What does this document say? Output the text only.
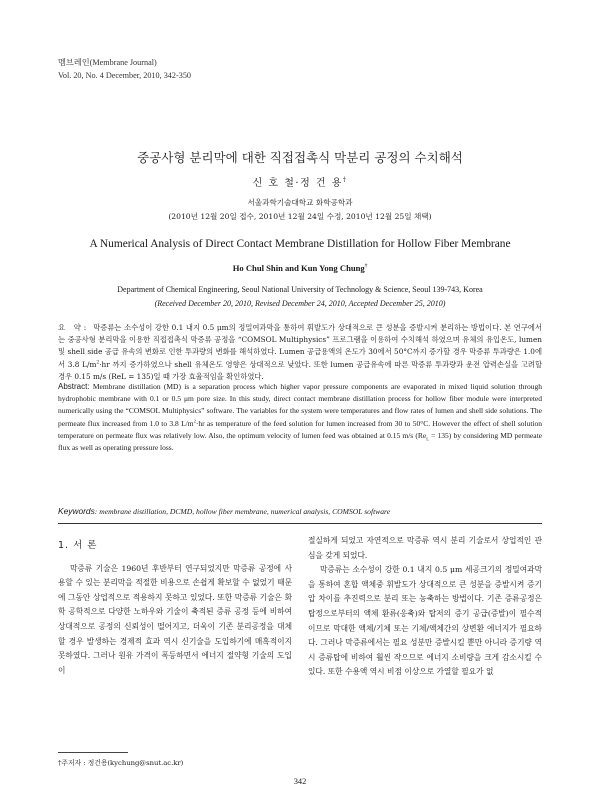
멤브레인(Membrane Journal)
Vol. 20, No. 4 December, 2010, 342-350
중공사형 분리막에 대한 직접접촉식 막분리 공정의 수치해석
신 호 철·정 건 용†
서울과학기술대학교 화학공학과
(2010년 12월 20일 접수, 2010년 12월 24일 수정, 2010년 12월 25일 채택)
A Numerical Analysis of Direct Contact Membrane Distillation for Hollow Fiber Membrane
Ho Chul Shin and Kun Yong Chung†
Department of Chemical Engineering, Seoul National University of Technology & Science, Seoul 139-743, Korea
(Received December 20, 2010, Revised December 24, 2010, Accepted December 25, 2010)
요 약: 막증류는 소수성이 강한 0.1 내지 0.5 μm의 정밀여과막을 통하여 휘발도가 상대적으로 큰 성분을 증발시켜 분리하는 방법이다. 본 연구에서는 중공사형 분리막을 이용한 직접접촉식 막증류 공정을 “COMSOL Multiphysics” 프로그램을 이용하여 수치해석 하였으며 유체의 유입온도, lumen 및 shell side 공급 유속의 변화로 인한 투과량의 변화를 해석하였다. Lumen 공급용액의 온도가 30에서 50°C까지 증가할 경우 막증류 투과량은 1.0에서 3.8 $L/m^2\cdot hr$ 까지 증가하였으나 shell 유체온도 영향은 상대적으로 낮았다. 또한 lumen 공급유속에 따른 막증류 투과량과 운전 압력손실을 고려할 경우 0.15 m/s (ReL = 135)일 때 가장 효율적임을 확인하였다.
Abstract: Membrane distillation (MD) is a separation process which higher vapor pressure components are evaporated in mixed liquid solution through hydrophobic membrane with 0.1 or 0.5 μm pore size. In this study, direct contact membrane distillation process for hollow fiber module were interpreted numerically using the “COMSOL Multiphysics” software. The variables for the system were temperatures and flow rates of lumen and shell side solutions. The permeate flux increased from 1.0 to 3.8 $L/m^2\cdot hr$ as temperature of the feed solution for lumen increased from 30 to 50°C. However the effect of shell solution temperature on permeate flux was relatively low. Also, the optimum velocity of lumen feed was obtained at 0.15 m/s $(Re_L = 135)$ by considering MD permeate flux as well as operating pressure loss.
Keywords: membrane distillation, DCMD, hollow fiber membrane, numerical analysis, COMSOL software
1. 서 론

막증류 기술은 1960년 후반부터 연구되었지만 막증류 공정에 사용할 수 있는 분리막을 적절한 비용으로 손쉽게 확보할 수 없었기 때문에 그동안 상업적으로 적용하지 못하고 있었다. 또한 막증류 기술은 화학 공학적으로 다양한 노하우와 기술이 축적된 증류 공정 등에 비하여 상대적으로 공정의 신뢰성이 떨어지고, 더욱이 기존 분리공정을 대체할 경우 발생하는 경제적 효과 역시 신기술을 도입하기에 매혹적이지 못하였다. 그러나 원유 가격이 폭등하면서 에너지 절약형 기술의 도입이

절실하게 되었고 자연적으로 막증류 역시 분리 기술로서 상업적인 관심을 갖게 되었다.

막증류는 소수성이 강한 0.1 내지 0.5 μm 세공크기의 정밀여과막을 통하여 혼합 액체중 휘발도가 상대적으로 큰 성분을 증발시켜 증기압 차이를 추진력으로 분리 또는 농축하는 방법이다. 기존 증류공정은 탑정으로부터의 액체 환류(응축)와 탑저의 증기 공급(증발)이 필수적이므로 막대한 액체/기체 또는 기체/액체간의 상변환 에너지가 필요하다. 그러나 막증류에서는 필요 성분만 증발시킬 뿐만 아니라 증기량 역시 증류탑에 비하여 훨씬 작으므로 에너지 소비량을 크게 감소시킬 수 있다. 또한 수용액 역시 비점 이상으로 가열할 필요가 없

†주저자 : 정건용(kychung@snut.ac.kr)
342
